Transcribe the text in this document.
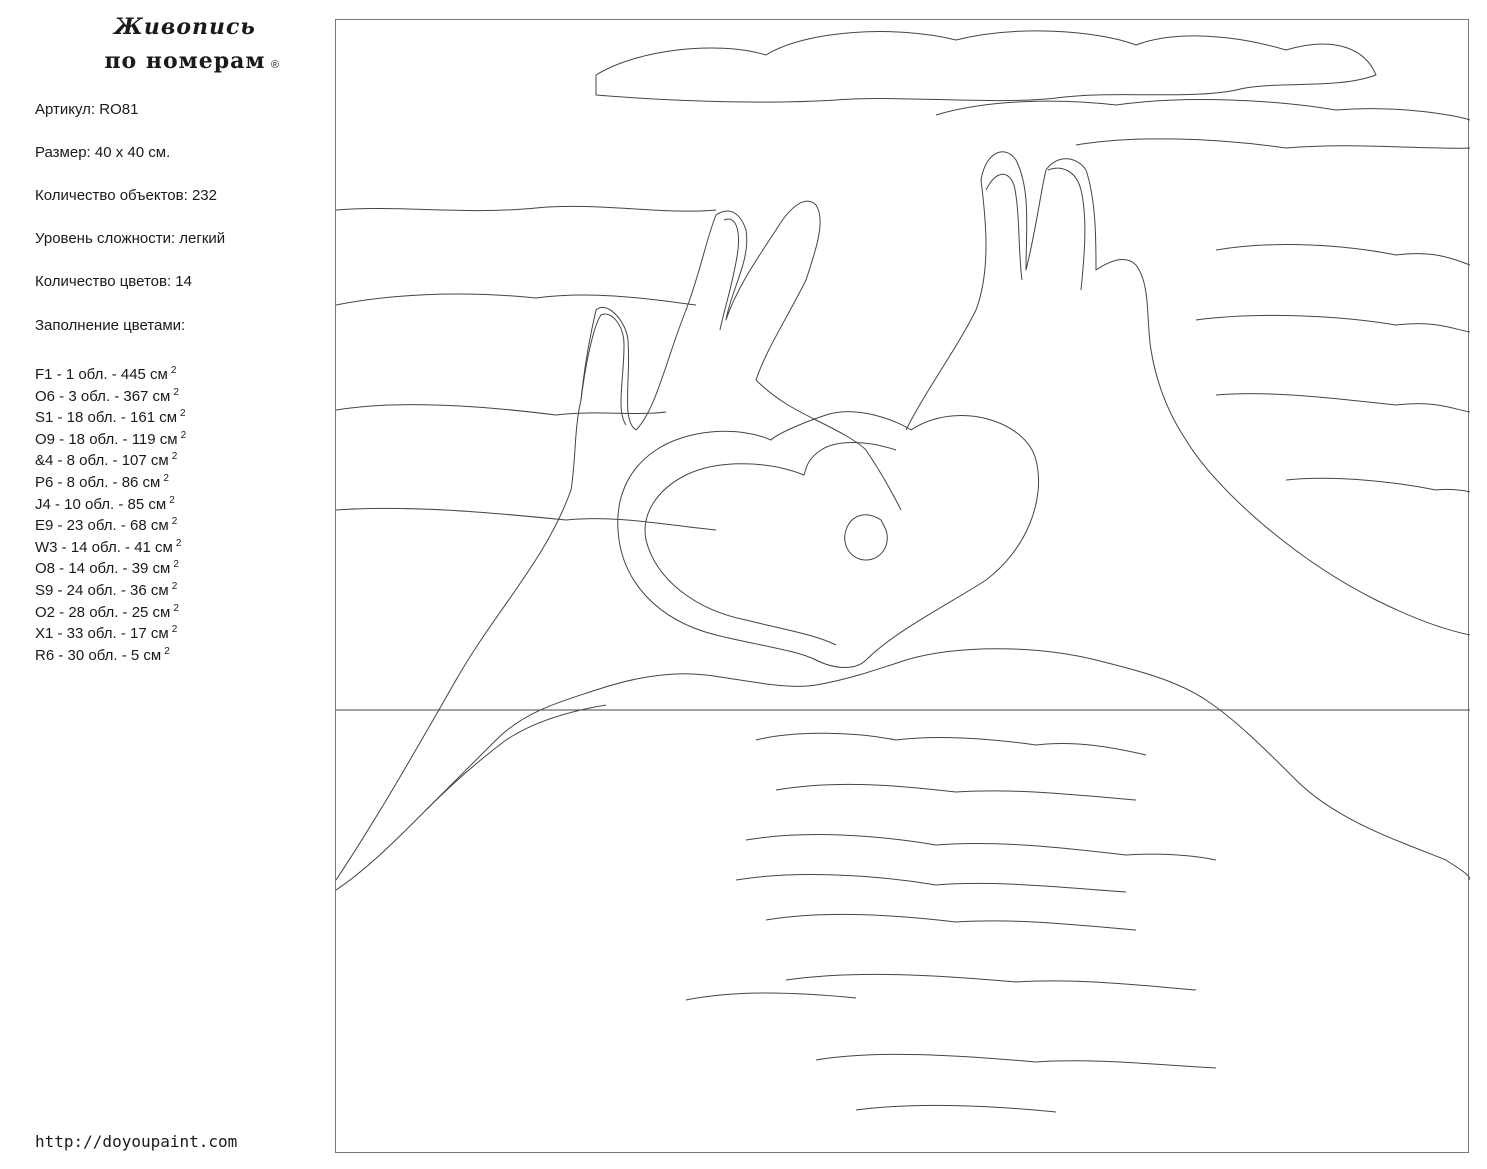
Живопись
по номерам ®
Артикул: RO81
Размер: 40 х 40 см.
Количество объектов: 232
Уровень сложности: легкий
Количество цветов: 14
Заполнение цветами:
F1 - 1 обл. - 445 см $^2$
O6 - 3 обл. - 367 см $^2$
S1 - 18 обл. - 161 см $^2$
O9 - 18 обл. - 119 см $^2$
&4 - 8 обл. - 107 см $^2$
P6 - 8 обл. - 86 см $^2$
J4 - 10 обл. - 85 см $^2$
E9 - 23 обл. - 68 см $^2$
W3 - 14 обл. - 41 см $^2$
O8 - 14 обл. - 39 см $^2$
S9 - 24 обл. - 36 см $^2$
O2 - 28 обл. - 25 см $^2$
X1 - 33 обл. - 17 см $^2$
R6 - 30 обл. - 5 см $^2$
http://doyoupaint.com
